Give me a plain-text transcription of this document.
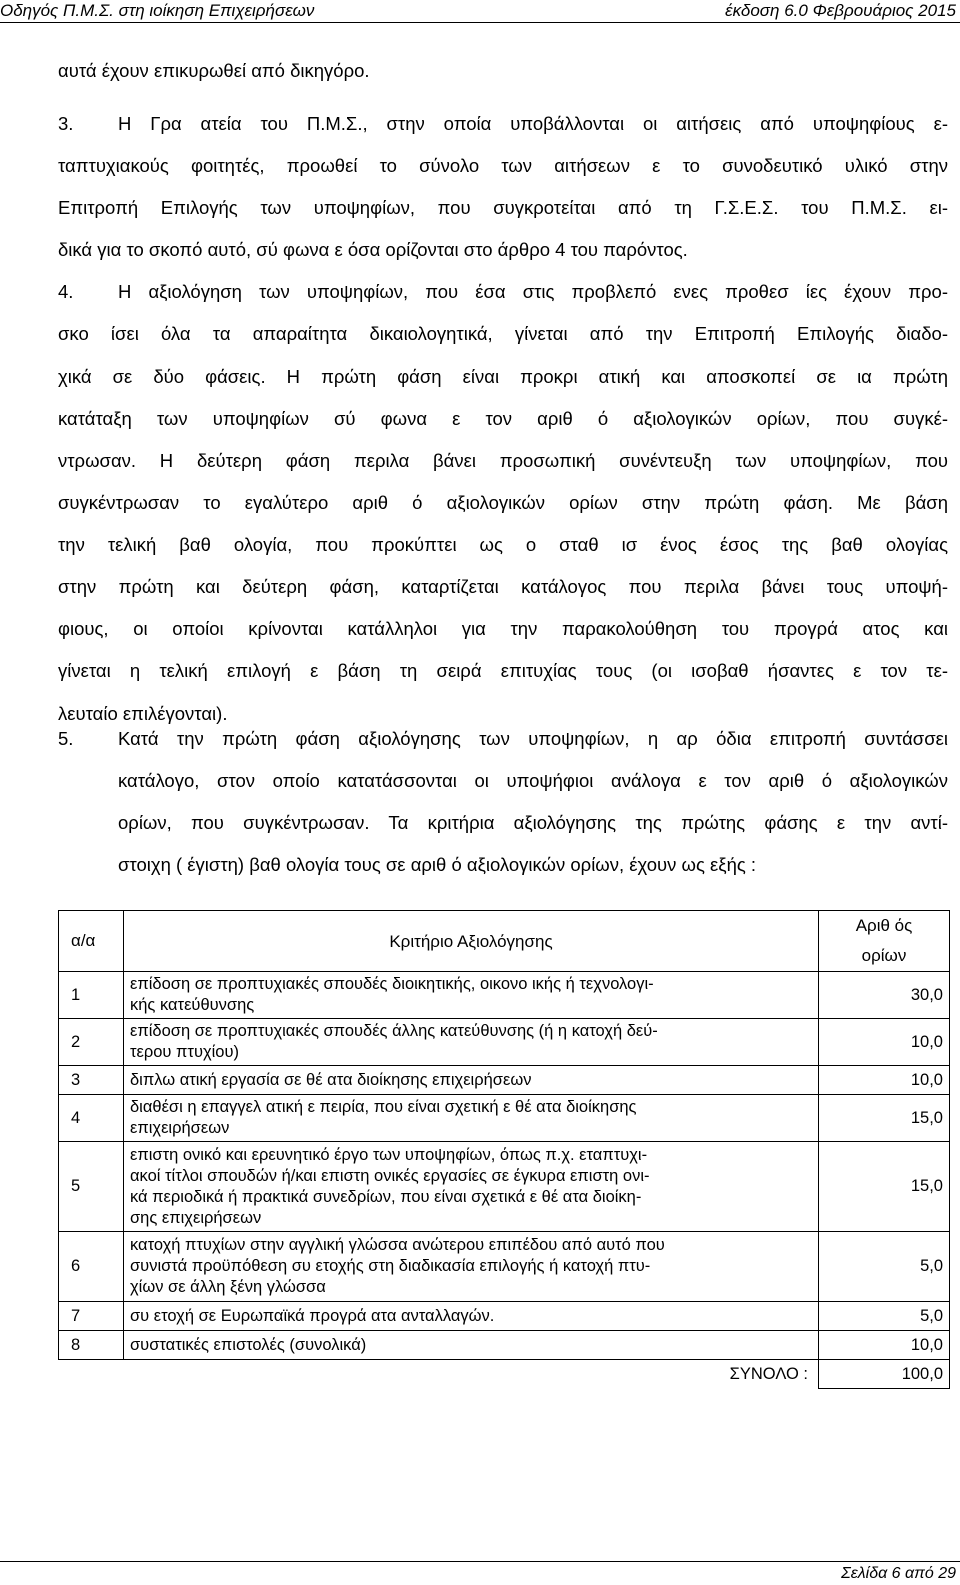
Οδηγός Π.Μ.Σ. στη ιοίκηση Επιχειρήσεων	έκδοση 6.0 Φεβρουάριος 2015
αυτά έχουν επικυρωθεί από δικηγόρο.
3. Η Γρα ατεία του Π.Μ.Σ., στην οποία υποβάλλονται οι αιτήσεις από υποψηφίους ε-
ταπτυχιακούς φοιτητές, προωθεί το σύνολο των αιτήσεων ε το συνοδευτικό υλικό στην
Επιτροπή Επιλογής των υποψηφίων, που συγκροτείται από τη Γ.Σ.Ε.Σ. του Π.Μ.Σ. ει-
δικά για το σκοπό αυτό, σύ φωνα ε όσα ορίζονται στο άρθρο 4 του παρόντος.
4. Η αξιολόγηση των υποψηφίων, που έσα στις προβλεπό ενες προθεσ ίες έχουν προ-
σκο ίσει όλα τα απαραίτητα δικαιολογητικά, γίνεται από την Επιτροπή Επιλογής διαδο-
χικά σε δύο φάσεις. Η πρώτη φάση είναι προκρι ατική και αποσκοπεί σε ια πρώτη
κατάταξη των υποψηφίων σύ φωνα ε τον αριθ ό αξιολογικών ορίων, που συγκέ-
ντρωσαν. Η δεύτερη φάση περιλα βάνει προσωπική συνέντευξη των υποψηφίων, που
συγκέντρωσαν το εγαλύτερο αριθ ό αξιολογικών ορίων στην πρώτη φάση. Με βάση
την τελική βαθ ολογία, που προκύπτει ως ο σταθ ισ ένος έσος της βαθ ολογίας
στην πρώτη και δεύτερη φάση, καταρτίζεται κατάλογος που περιλα βάνει τους υποψή-
φιους, οι οποίοι κρίνονται κατάλληλοι για την παρακολούθηση του προγρά ατος και
γίνεται η τελική επιλογή ε βάση τη σειρά επιτυχίας τους (οι ισοβαθ ήσαντες ε τον τε-
λευταίο επιλέγονται).
5. Κατά την πρώτη φάση αξιολόγησης των υποψηφίων, η αρ όδια επιτροπή συντάσσει
κατάλογο, στον οποίο κατατάσσονται οι υποψήφιοι ανάλογα ε τον αριθ ό αξιολογικών
ορίων, που συγκέντρωσαν. Τα κριτήρια αξιολόγησης της πρώτης φάσης ε την αντί-
στοιχη ( έγιστη) βαθ ολογία τους σε αριθ ό αξιολογικών ορίων, έχουν ως εξής :
α/α	Κριτήριο Αξιολόγησης	Αριθ ός
ορίων

1	επίδοση σε προπτυχιακές σπουδές διοικητικής, οικονο ικής ή τεχνολογι-
κής κατεύθυνσης	30,0
2	επίδοση σε προπτυχιακές σπουδές άλλης κατεύθυνσης (ή η κατοχή δεύ-
τερου πτυχίου)	10,0
3	διπλω ατική εργασία σε θέ ατα διοίκησης επιχειρήσεων	10,0
4	διαθέσι η επαγγελ ατική ε πειρία, που είναι σχετική ε θέ ατα διοίκησης
επιχειρήσεων	15,0
5	επιστη ονικό και ερευνητικό έργο των υποψηφίων, όπως π.χ. εταπτυχι-
ακοί τίτλοι σπουδών ή/και επιστη ονικές εργασίες σε έγκυρα επιστη ονι-
κά περιοδικά ή πρακτικά συνεδρίων, που είναι σχετικά ε θέ ατα διοίκη-
σης επιχειρήσεων	15,0
6	κατοχή πτυχίων στην αγγλική γλώσσα ανώτερου επιπέδου από αυτό που
συνιστά προϋπόθεση συ ετοχής στη διαδικασία επιλογής ή κατοχή πτυ-
χίων σε άλλη ξένη γλώσσα	5,0
7	συ ετοχή σε Ευρωπαϊκά προγρά ατα ανταλλαγών.	5,0
8	συστατικές επιστολές (συνολικά)	10,0
ΣΥΝΟΛΟ :		100,0
Σελίδα 6 από 29
